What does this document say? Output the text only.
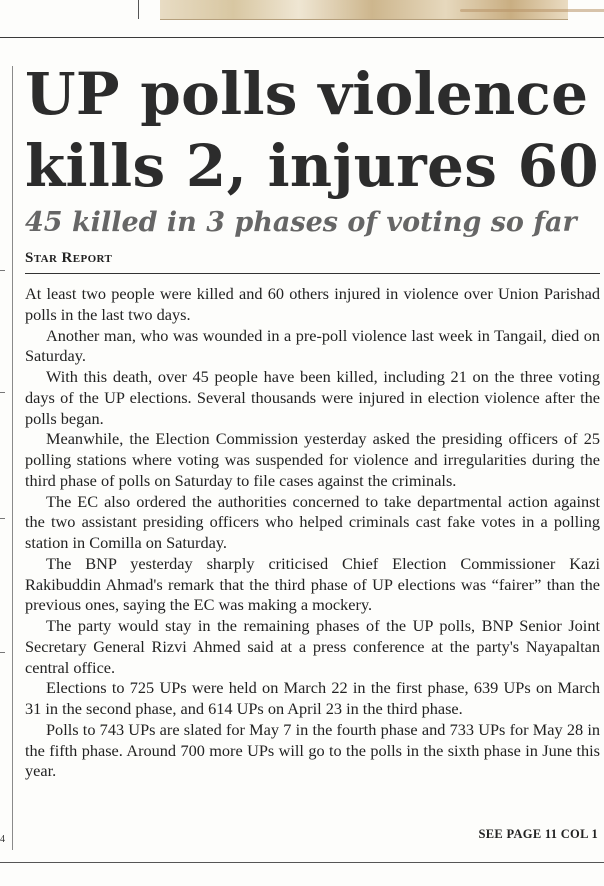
4
UP polls violence kills 2, injures 60
45 killed in 3 phases of voting so far
Star Report

At least two people were killed and 60 others injured in violence over Union Parishad polls in the last two days.

Another man, who was wounded in a pre-poll violence last week in Tangail, died on Saturday.

With this death, over 45 people have been killed, including 21 on the three voting days of the UP elections. Several thousands were injured in election violence after the polls began.

Meanwhile, the Election Commission yesterday asked the presiding officers of 25 polling stations where voting was suspended for violence and irregularities during the third phase of polls on Saturday to file cases against the criminals.

The EC also ordered the authorities concerned to take departmental action against the two assistant presiding officers who helped criminals cast fake votes in a polling station in Comilla on Saturday.

The BNP yesterday sharply criticised Chief Election Commissioner Kazi Rakibuddin Ahmad's remark that the third phase of UP elections was “fairer” than the previous ones, saying the EC was making a mockery.

The party would stay in the remaining phases of the UP polls, BNP Senior Joint Secretary General Rizvi Ahmed said at a press conference at the party's Nayapaltan central office.

Elections to 725 UPs were held on March 22 in the first phase, 639 UPs on March 31 in the second phase, and 614 UPs on April 23 in the third phase.

Polls to 743 UPs are slated for May 7 in the fourth phase and 733 UPs for May 28 in the fifth phase. Around 700 more UPs will go to the polls in the sixth phase in June this year.

SEE PAGE 11 COL 1
